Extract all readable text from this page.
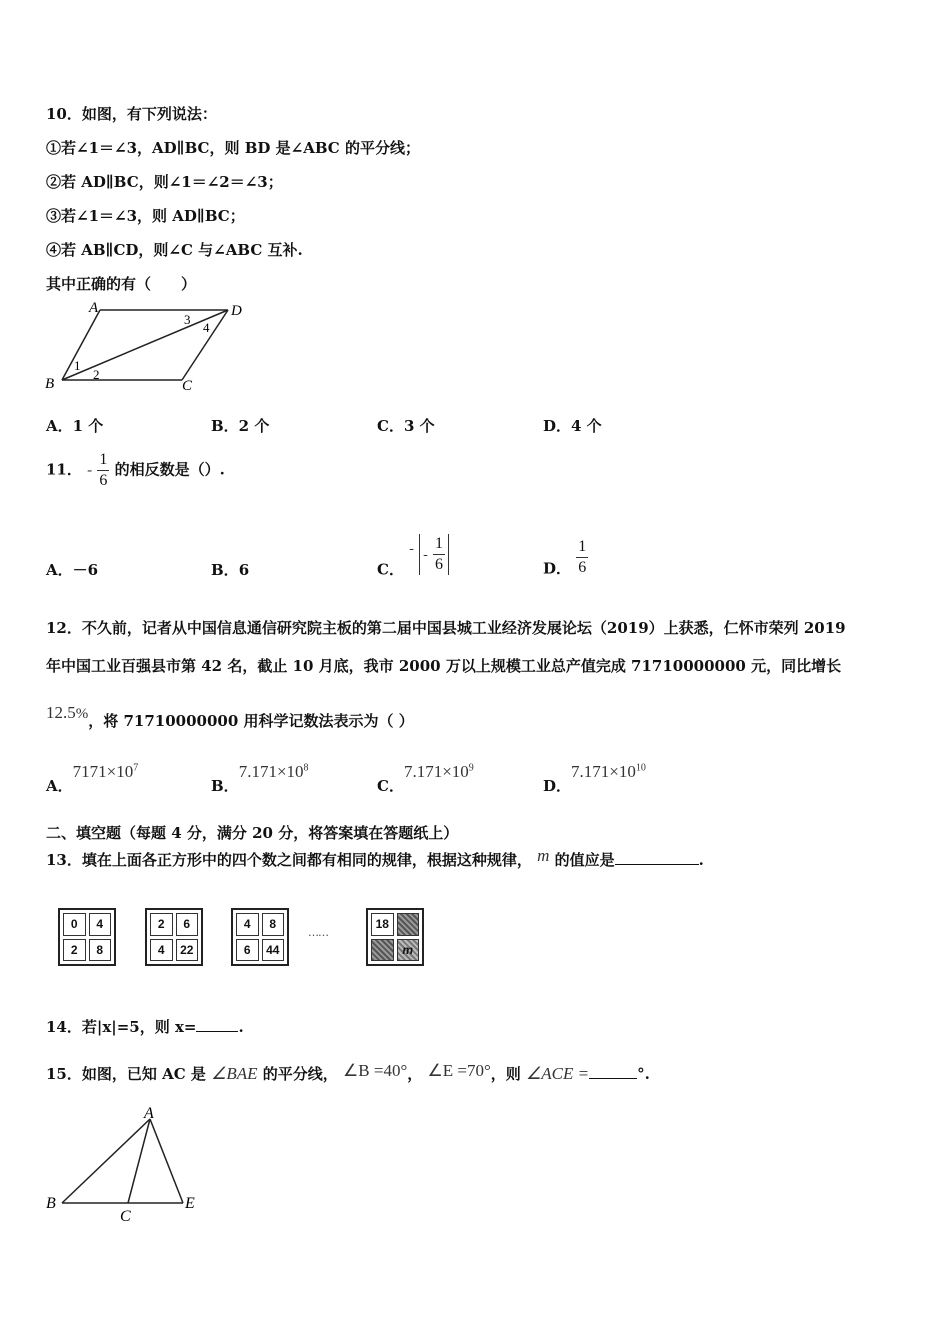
10．如图，有下列说法：
①若∠1＝∠3，AD∥BC，则 BD 是∠ABC 的平分线；
②若 AD∥BC，则∠1＝∠2＝∠3；
③若∠1＝∠3，则 AD∥BC；
④若 AB∥CD，则∠C 与∠ABC 互补.
其中正确的有（　　）
A	D
B	C
1
2
3
4
A．1 个	B．2 个	C．3 个	D．4 个
11． - $\frac{1}{6}$ 的相反数是（）.
A．－6	B．6	C． - - $\frac{1}{6}$	D． $\frac{1}{6}$
12．不久前，记者从中国信息通信研究院主板的第二届中国县城工业经济发展论坛（2019）上获悉，仁怀市荣列 2019
年中国工业百强县市第 42 名，截止 10 月底，我市 2000 万以上规模工业总产值完成 71710000000 元，同比增长
12.5%，将 71710000000 用科学记数法表示为（ ）
A．$7171\times 10^7$
B．$7.171\times 10^8$
C．$7.171\times 10^9$
D．$7.171\times 10^{10}$
二、填空题（每题 4 分，满分 20 分，将答案填在答题纸上）
13．填在上面各正方形中的四个数之间都有相同的规律，根据这种规律， m 的值应是	.
0	4
2	8
2	6
4	22
4	8
6	44
……
18
m
14．若|x|=5，则 x=	.
15．如图，已知 AC 是 ∠BAE 的平分线， ∠B =40°， ∠E =70°，则 ∠ACE =	°.
A
B
C
E
